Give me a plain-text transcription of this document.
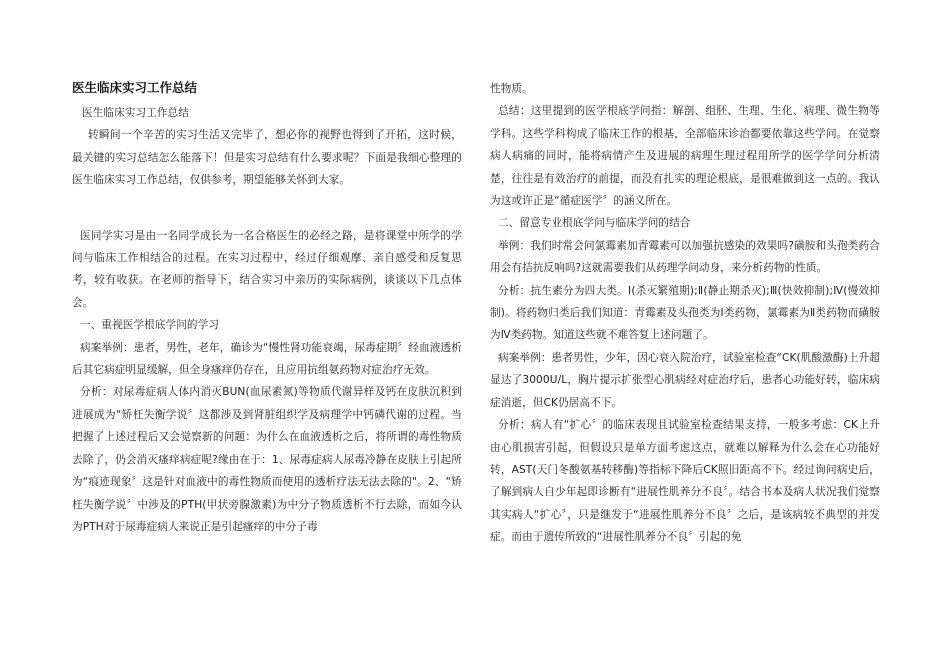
医生临床实习工作总结

医生临床实习工作总结

转瞬间一个辛苦的实习生活又完毕了，想必你的视野也得到了开拓，这时候，最关键的实习总结怎么能落下！但是实习总结有什么要求呢？下面是我细心整理的医生临床实习工作总结，仅供参考，期望能够关怀到大家。

医同学实习是由一名同学成长为一名合格医生的必经之路，是将课堂中所学的学问与临床工作相结合的过程。在实习过程中，经过仔细观摩、亲自感受和反复思考，较有收获。在老师的指导下，结合实习中亲历的实际病例，谈谈以下几点体会。

一、重视医学根底学问的学习

病案举例：患者，男性，老年，确诊为“慢性肾功能衰竭，尿毒症期〞经血液透析后其它病症明显缓解，但全身瘙痒仍存在，且应用抗组氨药物对症治疗无效。

分析：对尿毒症病人体内消灭BUN(血尿素氮)等物质代谢异样及钙在皮肤沉积到进展成为“矫枉失衡学说〞这都涉及到肾脏组织学及病理学中钙磷代谢的过程。当把握了上述过程后又会觉察新的问题：为什么在血液透析之后，将所谓的毒性物质去除了，仍会消灭瘙痒病症呢?缘由在于：1、尿毒症病人尿毒冷静在皮肤上引起所为“痕迹现象〞这是针对血液中的毒性物质而使用的透析疗法无法去除的"。2、“矫枉失衡学说〞中涉及的PTH(甲状旁腺激素)为中分子物质透析不行去除，而如今认为PTH对于尿毒症病人来说正是引起瘙痒的中分子毒

性物质。

总结：这里提到的医学根底学问指：解剖、组胚、生理、生化、病理、微生物等学科。这些学科构成了临床工作的根基，全部临床诊治都要依靠这些学问。在觉察病人病痛的同时，能将病情产生及进展的病理生理过程用所学的医学学问分析清楚，往往是有效治疗的前提，而没有扎实的理论根底，是很难做到这一点的。我认为这或许正是“循症医学〞的涵义所在。

二、留意专业根底学问与临床学问的结合

举例：我们时常会问氯霉素加青霉素可以加强抗感染的效果吗?磺胺和头孢类药合用会有拮抗反响吗?这就需要我们从药理学问动身，来分析药物的性质。

分析：抗生素分为四大类。Ⅰ(杀灭繁殖期);Ⅱ(静止期杀灭);Ⅲ(快效抑制);Ⅳ(慢效抑制)。将药物归类后我们知道：青霉素及头孢类为Ⅰ类药物，氯霉素为Ⅱ类药物而磺胺为Ⅳ类药物。知道这些就不难答复上述问题了。

病案举例：患者男性，少年，因心衰入院治疗，试验室检查“CK(肌酸激酶)上升超显达了3000U/L，胸片提示扩张型心肌病经对症治疗后，患者心功能好转，临床病症消逝，但CK仍居高不下。

分析：病人有“扩心〞的临床表现且试验室检查结果支持，一般多考虑：CK上升由心肌损害引起，但假设只是单方面考虑这点，就难以解释为什么会在心功能好转，AST(天门冬酸氨基转移酶)等指标下降后CK照旧距高不下。经过询问病史后，了解到病人自少年起即诊断有“进展性肌养分不良〞。结合书本及病人状况我们觉察其实病人“扩心〞，只是继发于“进展性肌养分不良〞之后，是该病较不典型的并发症。而由于遗传所致的“进展性肌养分不良〞引起的免
